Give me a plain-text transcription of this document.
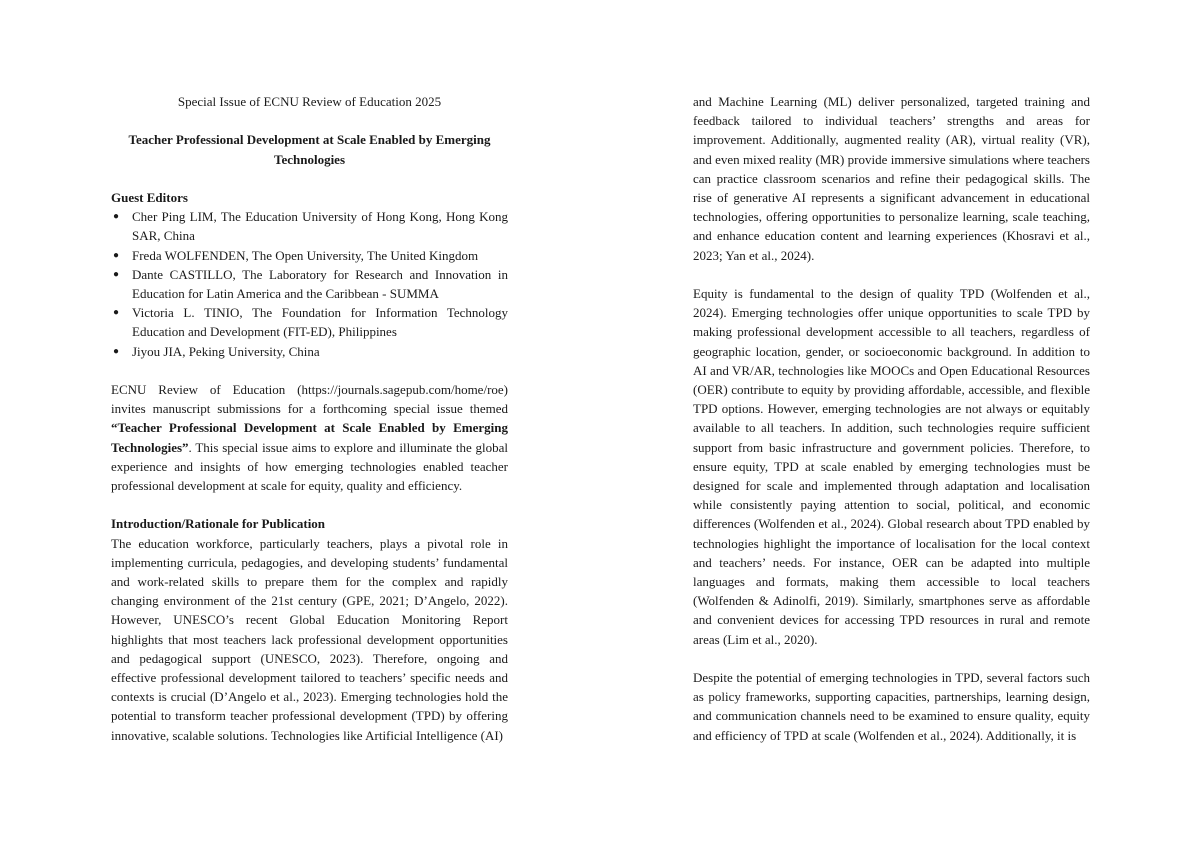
Special Issue of ECNU Review of Education 2025
Teacher Professional Development at Scale Enabled by Emerging Technologies
Guest Editors
● Cher Ping LIM, The Education University of Hong Kong, Hong Kong SAR, China
● Freda WOLFENDEN, The Open University, The United Kingdom
● Dante CASTILLO, The Laboratory for Research and Innovation in Education for Latin America and the Caribbean - SUMMA
● Victoria L. TINIO, The Foundation for Information Technology Education and Development (FIT-ED), Philippines
● Jiyou JIA, Peking University, China
ECNU Review of Education (https://journals.sagepub.com/home/roe) invites manuscript submissions for a forthcoming special issue themed “Teacher Professional Development at Scale Enabled by Emerging Technologies”. This special issue aims to explore and illuminate the global experience and insights of how emerging technologies enabled teacher professional development at scale for equity, quality and efficiency.
Introduction/Rationale for Publication
The education workforce, particularly teachers, plays a pivotal role in implementing curricula, pedagogies, and developing students’ fundamental and work-related skills to prepare them for the complex and rapidly changing environment of the 21st century (GPE, 2021; D’Angelo, 2022). However, UNESCO’s recent Global Education Monitoring Report highlights that most teachers lack professional development opportunities and pedagogical support (UNESCO, 2023). Therefore, ongoing and effective professional development tailored to teachers’ specific needs and contexts is crucial (D’Angelo et al., 2023). Emerging technologies hold the potential to transform teacher professional development (TPD) by offering innovative, scalable solutions. Technologies like Artificial Intelligence (AI)
and Machine Learning (ML) deliver personalized, targeted training and feedback tailored to individual teachers’ strengths and areas for improvement. Additionally, augmented reality (AR), virtual reality (VR), and even mixed reality (MR) provide immersive simulations where teachers can practice classroom scenarios and refine their pedagogical skills. The rise of generative AI represents a significant advancement in educational technologies, offering opportunities to personalize learning, scale teaching, and enhance education content and learning experiences (Khosravi et al., 2023; Yan et al., 2024).
Equity is fundamental to the design of quality TPD (Wolfenden et al., 2024). Emerging technologies offer unique opportunities to scale TPD by making professional development accessible to all teachers, regardless of geographic location, gender, or socioeconomic background. In addition to AI and VR/AR, technologies like MOOCs and Open Educational Resources (OER) contribute to equity by providing affordable, accessible, and flexible TPD options. However, emerging technologies are not always or equitably available to all teachers. In addition, such technologies require sufficient support from basic infrastructure and government policies. Therefore, to ensure equity, TPD at scale enabled by emerging technologies must be designed for scale and implemented through adaptation and localisation while consistently paying attention to social, political, and economic differences (Wolfenden et al., 2024). Global research about TPD enabled by technologies highlight the importance of localisation for the local context and teachers’ needs. For instance, OER can be adapted into multiple languages and formats, making them accessible to local teachers (Wolfenden & Adinolfi, 2019). Similarly, smartphones serve as affordable and convenient devices for accessing TPD resources in rural and remote areas (Lim et al., 2020).
Despite the potential of emerging technologies in TPD, several factors such as policy frameworks, supporting capacities, partnerships, learning design, and communication channels need to be examined to ensure quality, equity and efficiency of TPD at scale (Wolfenden et al., 2024). Additionally, it is
